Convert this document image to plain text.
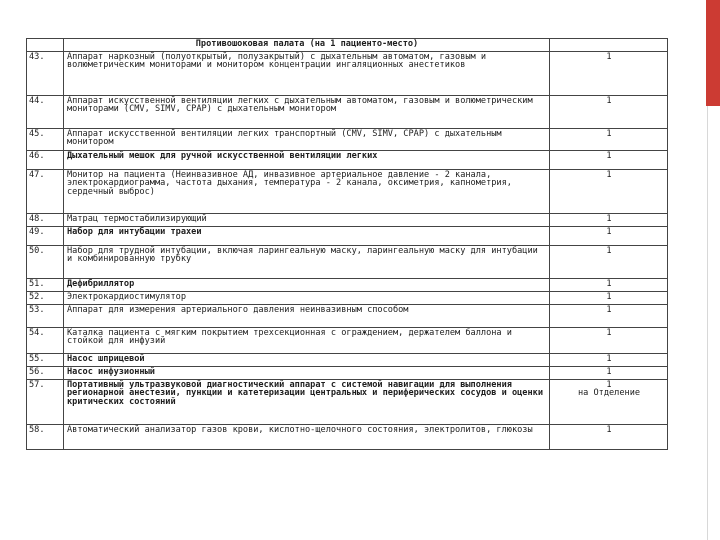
	Противошоковая палата (на 1 пациенто-место)	
43.	Аппарат наркозный (полуоткрытый, полузакрытый) с дыхательным автоматом, газовым и волюметрическим мониторами и монитором концентрации ингаляционных анестетиков	1

44.	Аппарат искусственной вентиляции легких с дыхательным автоматом, газовым и волюметрическим мониторами (CMV, SIMV, CPAP) с дыхательным монитором	1

45.	Аппарат искусственной вентиляции легких транспортный (CMV, SIMV, CPAP) с дыхательным монитором	1

46.	Дыхательный мешок для ручной искусственной вентиляции легких	1

47.	Монитор на пациента (Неинвазивное АД, инвазивное артериальное давление - 2 канала, электрокардиограмма, частота дыхания, температура - 2 канала, оксиметрия, капнометрия, сердечный выброс)	1

48.	Матрац термостабилизирующий	1

49.	Набор для интубации трахеи	1

50.	Набор для трудной интубации, включая ларингеальную маску, ларингеальную маску для интубации и комбинированную трубку	1

51.	Дефибриллятор	1

52.	Электрокардиостимулятор	1

53.	Аппарат для измерения артериального давления неинвазивным способом	1

54.	Каталка пациента с мягким покрытием трехсекционная с ограждением, держателем баллона и стойкой для инфузий	1

55.	Насос шприцевой	1

56.	Насос инфузионный	1

57.	Портативный ультразвуковой диагностический аппарат с системой навигации для выполнения регионарной анестезии, пункции и катетеризации центральных и периферических сосудов и оценки критических состояний	1
на Отделение

58.	Автоматический анализатор газов крови, кислотно-щелочного состояния, электролитов, глюкозы	1
